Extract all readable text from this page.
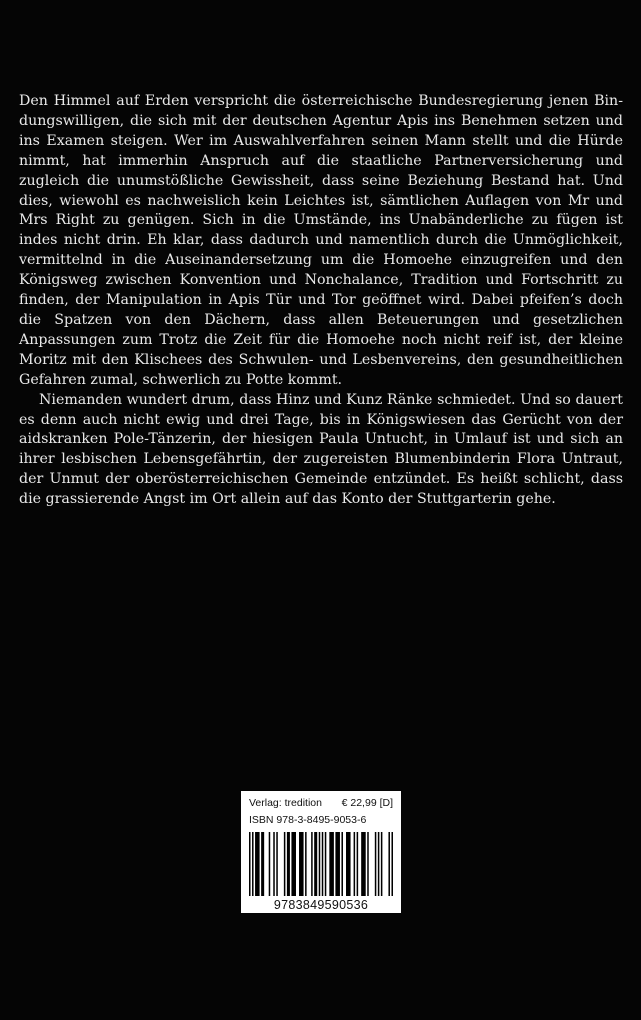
Den Himmel auf Erden verspricht die österreichische Bundesregierung jenen Bindungswilligen, die sich mit der deutschen Agentur Apis ins Benehmen setzen und ins Examen steigen. Wer im Auswahlverfahren seinen Mann stellt und die Hürde nimmt, hat immerhin Anspruch auf die staatliche Partnerversicherung und zugleich die unumstößliche Gewissheit, dass seine Beziehung Bestand hat. Und dies, wiewohl es nachweislich kein Leichtes ist, sämtlichen Auflagen von Mr und Mrs Right zu genügen. Sich in die Umstände, ins Unabänderliche zu fügen ist indes nicht drin. Eh klar, dass dadurch und namentlich durch die Unmöglichkeit, vermittelnd in die Auseinandersetzung um die Homoehe einzugreifen und den Königsweg zwischen Konvention und Nonchalance, Tradition und Fortschritt zu finden, der Manipulation in Apis Tür und Tor geöffnet wird. Dabei pfeifen’s doch die Spatzen von den Dächern, dass allen Beteuerungen und gesetzlichen Anpassungen zum Trotz die Zeit für die Homoehe noch nicht reif ist, der kleine Moritz mit den Klischees des Schwulen- und Lesbenvereins, den gesundheitlichen Gefahren zumal, schwerlich zu Potte kommt.

Niemanden wundert drum, dass Hinz und Kunz Ränke schmiedet. Und so dauert es denn auch nicht ewig und drei Tage, bis in Königswiesen das Gerücht von der aidskranken Pole-Tänzerin, der hiesigen Paula Untucht, in Umlauf ist und sich an ihrer lesbischen Lebensgefährtin, der zugereisten Blumenbinderin Flora Untraut, der Unmut der oberösterreichischen Gemeinde entzündet. Es heißt schlicht, dass die grassierende Angst im Ort allein auf das Konto der Stuttgarterin gehe.

Verlag: tredition € 22,99 [D]
ISBN 978-3-8495-9053-6
9783849590536
